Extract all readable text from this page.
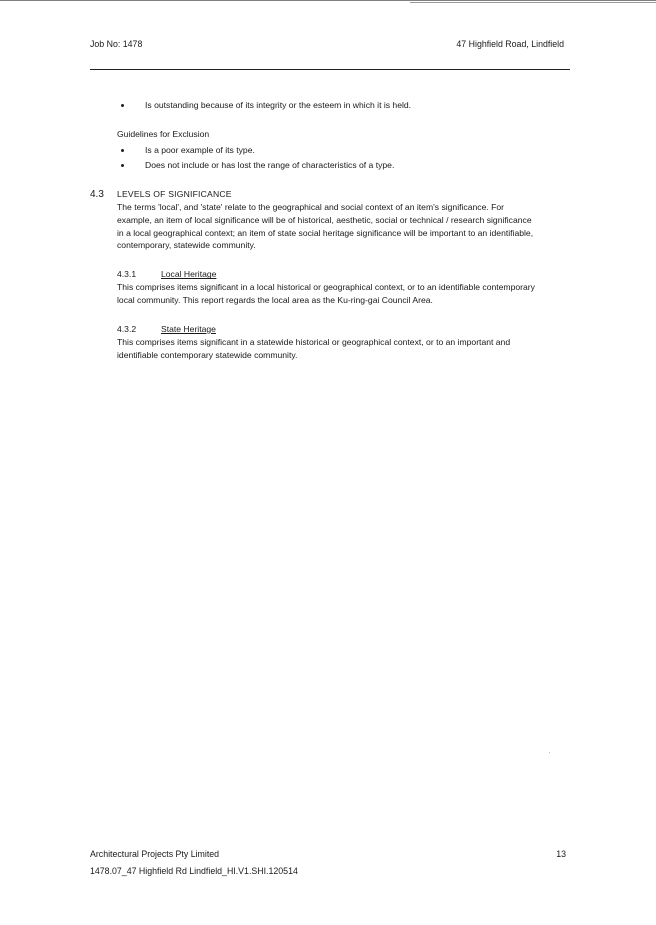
Job No: 1478	47 Highfield Road, Lindfield
Is outstanding because of its integrity or the esteem in which it is held.
Guidelines for Exclusion
Is a poor example of its type.
Does not include or has lost the range of characteristics of a type.
4.3 LEVELS OF SIGNIFICANCE
The terms 'local', and 'state' relate to the geographical and social context of an item's significance. For
example, an item of local significance will be of historical, aesthetic, social or technical / research significance
in a local geographical context; an item of state social heritage significance will be important to an identifiable,
contemporary, statewide community.
4.3.1	Local Heritage
This comprises items significant in a local historical or geographical context, or to an identifiable contemporary
local community. This report regards the local area as the Ku-ring-gai Council Area.
4.3.2	State Heritage
This comprises items significant in a statewide historical or geographical context, or to an important and
identifiable contemporary statewide community.
Architectural Projects Pty Limited
1478.07_47 Highfield Rd Lindfield_HI.V1.SHI.120514
13
